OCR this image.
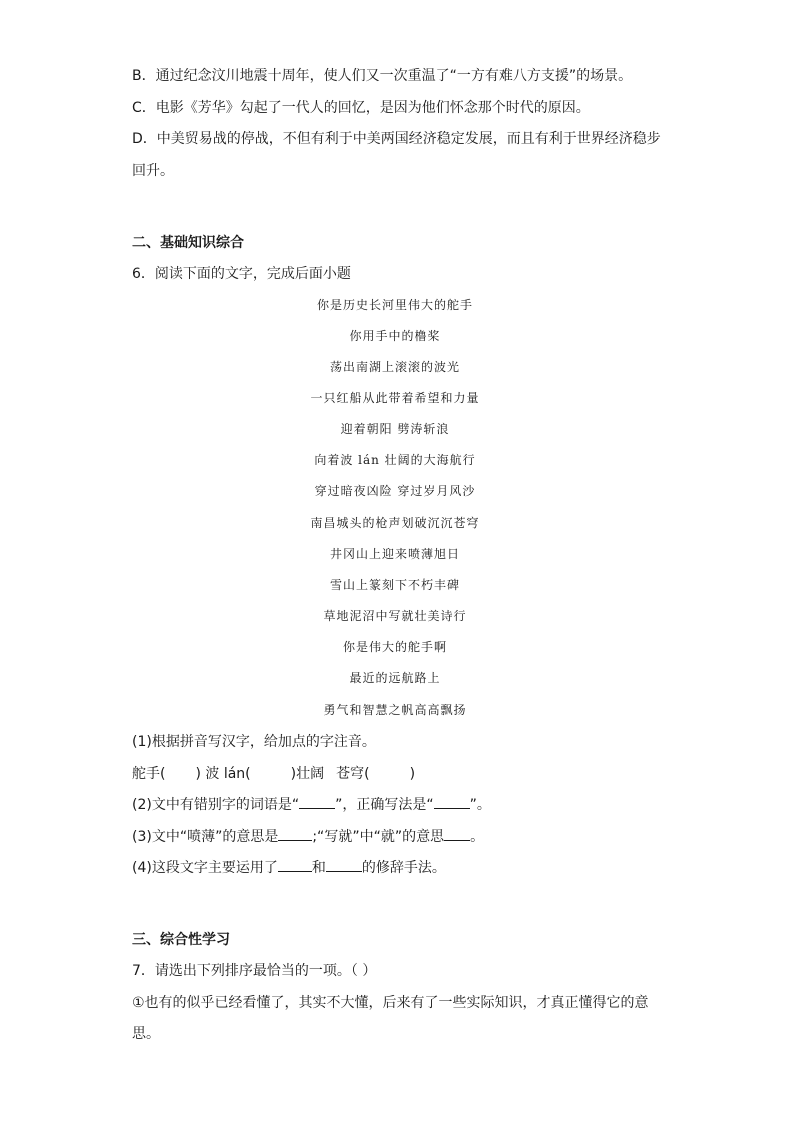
B．通过纪念汶川地震十周年，使人们又一次重温了“一方有难八方支援”的场景。
C．电影《芳华》勾起了一代人的回忆，是因为他们怀念那个时代的原因。
D．中美贸易战的停战，不但有利于中美两国经济稳定发展，而且有利于世界经济稳步
回升。
二、基础知识综合
6．阅读下面的文字，完成后面小题
你是历史长河里伟大的舵手
你用手中的橹桨
荡出南湖上滚滚的波光
一只红船从此带着希望和力量
迎着朝阳 劈涛斩浪
向着波 lán 壮阔的大海航行
穿过暗夜凶险 穿过岁月风沙
南昌城头的枪声划破沉沉苍穹
井冈山上迎来喷薄旭日
雪山上篆刻下不朽丰碑
草地泥沼中写就壮美诗行
你是伟大的舵手啊
最近的远航路上
勇气和智慧之帆高高飘扬
(1)根据拼音写汉字，给加点的字注音。
舵手( ) 波 lán(	)壮阔 苍穹(	)
(2)文中有错别字的词语是“	”，正确写法是“	”。
(3)文中“喷薄”的意思是 ;“写就”中“就”的意思 。
(4)这段文字主要运用了 和	的修辞手法。
三、综合性学习
7．请选出下列排序最恰当的一项。（ ）
①也有的似乎已经看懂了，其实不大懂，后来有了一些实际知识，才真正懂得它的意
思。
